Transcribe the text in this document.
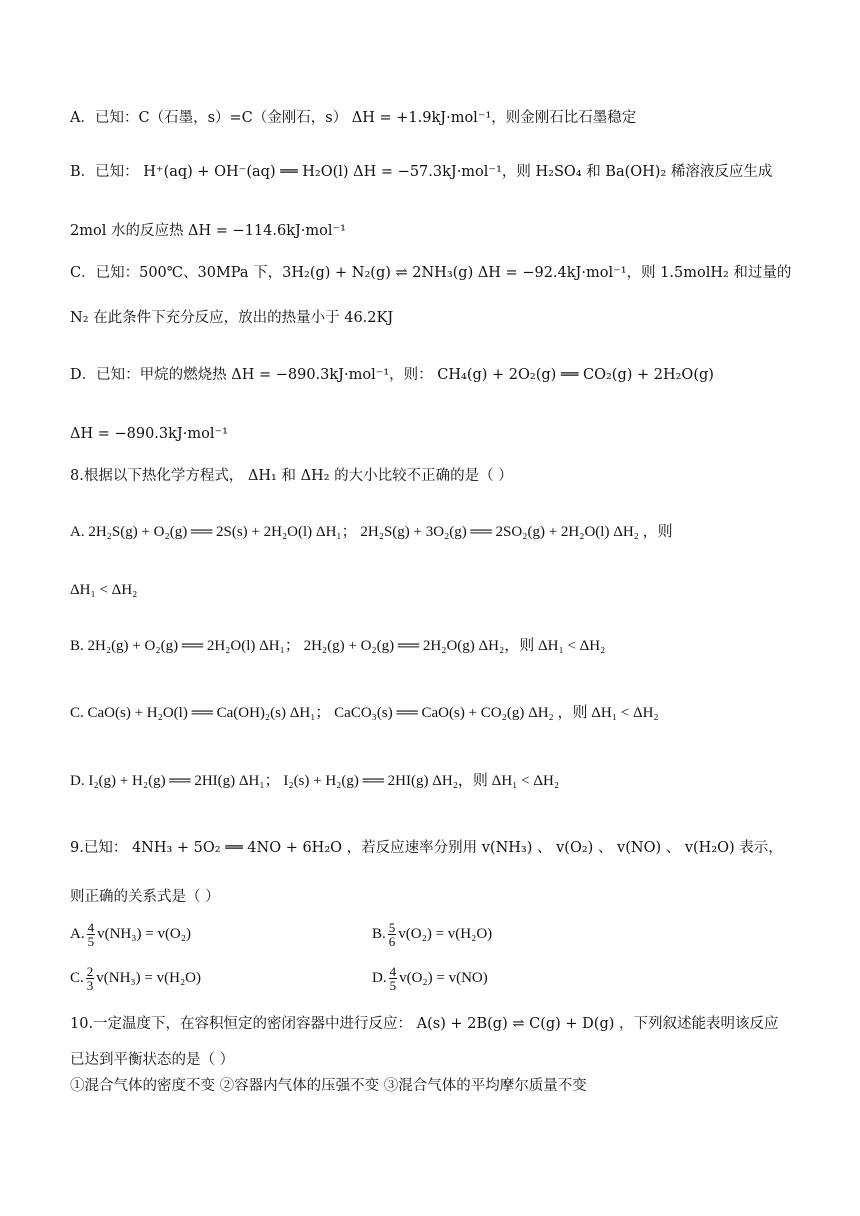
A．已知：C（石墨，s）=C（金刚石，s） ΔH = +1.9kJ·mol⁻¹，则金刚石比石墨稳定
B．已知： H⁺(aq) + OH⁻(aq) ══ H₂O(l) ΔH = −57.3kJ·mol⁻¹，则 H₂SO₄ 和 Ba(OH)₂ 稀溶液反应生成
2mol 水的反应热 ΔH = −114.6kJ·mol⁻¹
C．已知：500℃、30MPa 下，3H₂(g) + N₂(g) ⇌ 2NH₃(g) ΔH = −92.4kJ·mol⁻¹，则 1.5molH₂ 和过量的
N₂ 在此条件下充分反应，放出的热量小于 46.2KJ
D．已知：甲烷的燃烧热 ΔH = −890.3kJ·mol⁻¹，则： CH₄(g) + 2O₂(g) ══ CO₂(g) + 2H₂O(g)
ΔH = −890.3kJ·mol⁻¹
8.根据以下热化学方程式， ΔH₁ 和 ΔH₂ 的大小比较不正确的是（ ）
A. 2H₂S(g) + O₂(g) ══ 2S(s) + 2H₂O(l) ΔH₁； 2H₂S(g) + 3O₂(g) ══ 2SO₂(g) + 2H₂O(l) ΔH₂ ，则
ΔH₁ < ΔH₂
B. 2H₂(g) + O₂(g) ══ 2H₂O(l) ΔH₁； 2H₂(g) + O₂(g) ══ 2H₂O(g) ΔH₂，则 ΔH₁ < ΔH₂
C. CaO(s) + H₂O(l) ══ Ca(OH)₂(s) ΔH₁； CaCO₃(s) ══ CaO(s) + CO₂(g) ΔH₂ ，则 ΔH₁ < ΔH₂
D. I₂(g) + H₂(g) ══ 2HI(g) ΔH₁； I₂(s) + H₂(g) ══ 2HI(g) ΔH₂，则 ΔH₁ < ΔH₂
9.已知： 4NH₃ + 5O₂ ══ 4NO + 6H₂O ，若反应速率分别用 v(NH₃) 、 v(O₂) 、 v(NO) 、 v(H₂O) 表示，
则正确的关系式是（ ）
A. $\frac{4}{5} v(NH_3) = v(O_2)$	B. $\frac{5}{6} v(O_2) = v(H_2O)$
C. $\frac{2}{3} v(NH_3) = v(H_2O)$	D. $\frac{4}{5} v(O_2) = v(NO)$
10.一定温度下，在容积恒定的密闭容器中进行反应： A(s) + 2B(g) ⇌ C(g) + D(g) ，下列叙述能表明该反应
已达到平衡状态的是（ ）
①混合气体的密度不变 ②容器内气体的压强不变 ③混合气体的平均摩尔质量不变
